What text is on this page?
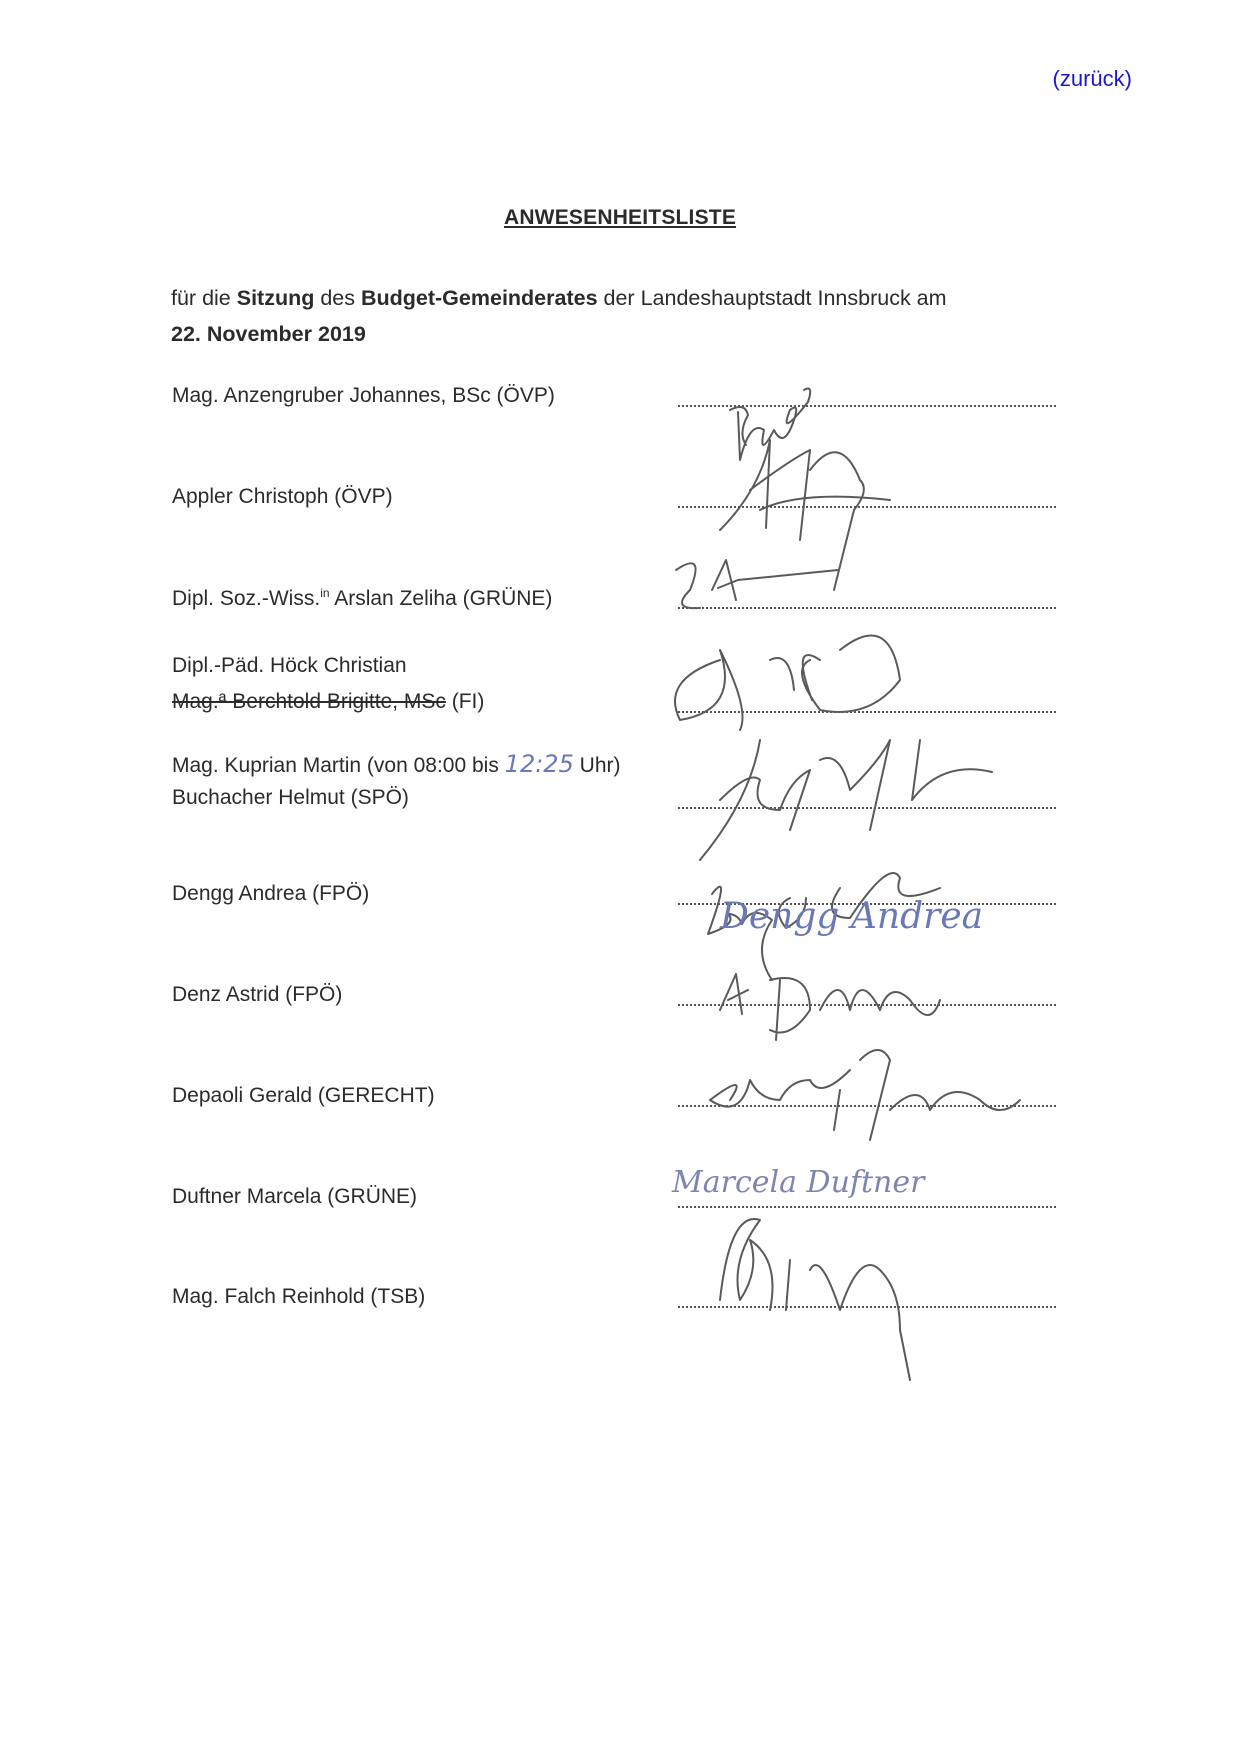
(zurück)
ANWESENHEITSLISTE
für die Sitzung des Budget-Gemeinderates der Landeshauptstadt Innsbruck am
22. November 2019
Mag. Anzengruber Johannes, BSc (ÖVP)
Appler Christoph (ÖVP)
Dipl. Soz.-Wiss.$^{in}$ Arslan Zeliha (GRÜNE)
Dipl.-Päd. Höck Christian
Mag.ª Berchtold Brigitte, MSc (FI)
Mag. Kuprian Martin (von 08:00 bis 12:25 Uhr)
Buchacher Helmut (SPÖ)
Dengg Andrea (FPÖ)
Dengg Andrea
Denz Astrid (FPÖ)
Depaoli Gerald (GERECHT)
Duftner Marcela (GRÜNE)	Marcela Duftner
Mag. Falch Reinhold (TSB)
